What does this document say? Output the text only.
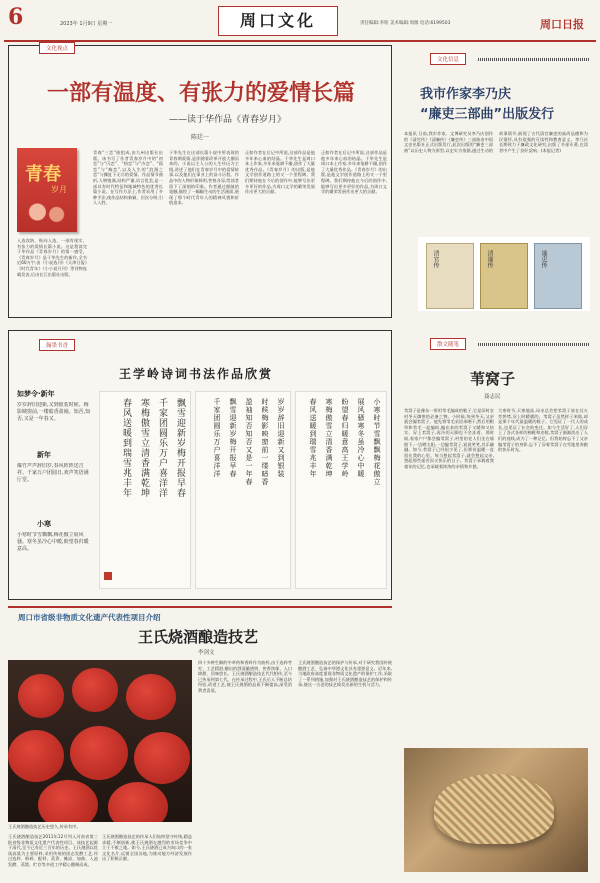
6	2023年 1月9日 星期一	周口文化	责任编辑:李铭 美术编辑:周源 电话:6199503	周口日报
文化视点
一部有温度、有张力的爱情长篇
——读于华作品《青春岁月》
陈廷一
青春
岁月
入选攻防、纵向入选、一部有现实、有张力的爱情长篇小说。这是我读完于华作品《青春岁月》的第一感受。《青春岁月》是于华先生的新作,全书近60万字,由《小说选刊》《天津日报》《时代青年》《小小说月刊》等刊物连载发表,后由长江出版社出版。
青春“三恋”曲组成,由九州出版社出版。该书写了作者青春岁月中的“初恋”与“闪恋”、“热恋”与“冷恋”、“孤恋”与“痴恋”,以及人生的“浪漫之恋”与撕扯下无尽的爱情。作品情节曲折,人物饱满,结构严谨,语言优美,是一部具有时代特征和地域特色的优秀长篇小说。在写作方法上,作者采用了多种手法,使作品结构新颖、层次分明,引人入胜。
于华先生在这部长篇小说中所表现的青春期爱情,是伴随着改革开放大潮而来的。小说以主人公的人生经历为主线,讲述了他们在青春岁月中的爱情故事,以及他们在事业上的奋斗历程。作品中的人物形象鲜明,性格各异,给读者留下了深刻的印象。作者通过细腻的笔触,描绘了一幅幅生动的生活画面,展现了那个时代青年人的精神风貌和价值追求。
正如作者在后记中所说,这部作品是他多年来心血的结晶。于华先生是周口本土作家,多年来笔耕不辍,创作了大量优秀作品。《青春岁月》的出版,是他文学创作道路上的又一个里程碑。我们期待他在今后的创作中,能够写出更多更好的作品,为周口文学的繁荣发展作出更大的贡献。
正如作者在后记中所说,这部作品是他多年来心血的结晶。于华先生是周口本土作家,多年来笔耕不辍,创作了大量优秀作品。《青春岁月》的出版,是他文学创作道路上的又一个里程碑。我们期待他在今后的创作中,能够写出更多更好的作品,为周口文学的繁荣发展作出更大的贡献。
文化信息
我市作家李乃庆
“廉吏三部曲”出版发行
本报讯 日前,我市作家、文博研究员李乃庆创作的《清官传》《清廉传》《廉吏传》三部曲由中国文史出版社正式出版发行,此次出版的“廉吏三部曲”以历史人物为原型,以史实为依据,通过生动的故事情节,展现了古代清官廉吏的高尚品德和为民情怀,具有很强的可读性和教育意义。李乃庆长期致力于廉政文化研究,出版了多部专著,在读者中产生了良好反响。(本报记者)
清官传	清廉传	廉吏传
翰墨书香
王学岭诗词书法作品欣赏
如梦令·新年
岁岁辞旧迎新,又到银装时候。梅影映窗前,一缕暗香盈袖。知否,知否,又是一年春又。
新年
爆竹声声辞旧岁,春风阵阵送吉祥。千家万户团圆日,欢声笑语满厅堂。
小寒
小寒时节雪飘飘,梅花傲立展风骚。寒冬虽冷心中暖,盼望春归暖意高。
飘雪迎新岁梅开报早春
千家团圆乐万户喜洋洋
寒梅傲雪立清香满乾坤
春风送暖到瑞雪兆丰年	岁岁辞旧迎新又到银装
时候梅影映窗前一缕暗香
盈袖知否知否又是一年春
飘雪迎新岁梅开报早春
千家团圆乐万户喜洋洋	小寒时节雪飘飘梅花傲立
展风骚寒冬虽冷心中暖
盼望春归暖意高王学岭
寒梅傲雪立清香满乾坤
春风送暖到瑞雪兆丰年
散文随笔
苇窝子
聂志民
苇窝子是豫东一带用苇毛编成的鞋子,它是旧时农村冬天御寒的必备之物。小时候,每到冬天,父亲就会编苇窝子。他先将苇毛采回来晒干,然后用稻草和苇毛一起编织,编出来的苇窝子又暖和又结实。穿上苇窝子,再冷的天脚也不会冻着。那时候,家家户户都会编苇窝子,村里的老人们坐在墙根下,一边晒太阳,一边编苇窝子,说说笑笑,其乐融融。如今,苇窝子已经很少见了,但那份温暖一直留在我的心里。每当想起苇窝子,就会想起父亲,想起那些艰苦而又快乐的日子。苇窝子承载着我童年的记忆,也承载着浓浓的亲情和乡愁。
大寒时节,天寒地冻,母亲总会把苇窝子放在灶火旁烘烤,穿上时暖暖的。苇窝子虽然样子笨拙,却是那个年代最温暖的鞋子。它见证了一代人的成长,也见证了社会的变迁。如今生活好了,人们穿上了各式各样的棉鞋和皮鞋,苇窝子渐渐淡出了人们的视线,成为了一种记忆。但我始终忘不了父亲编苇窝子的身影,忘不了穿着苇窝子在雪地里奔跑的快乐时光。
周口市省级非物质文化遗产代表性项目介绍
王氏烧酒酿造技艺
李剑文
王氏烧酒酿造技艺历史悠久,传承有序。
王氏烧酒酿造技艺2011年12月列入河南省第三批省级非物质文化遗产代表性项目。该技艺起源于清代,至今已有近三百年的历史。王氏烧酒以优质高粱为主要原料,采用传统的固态发酵工艺,经过选料、粉碎、配料、蒸煮、摊凉、加曲、入池发酵、蒸馏、贮存等多道工序精心酿制而成。
王氏烧酒酿造技艺的传承人们始终坚守传统,精益求精,不断创新,使王氏烧酒在激烈的市场竞争中立于不败之地。如今,王氏烧酒已成为周口的一张文化名片,远销全国各地,为推动地方经济发展作出了积极贡献。
四十多种生僻的中草药和香料作为曲药,由于选料考究、工艺精湛,酿出的酒清澈透明、窖香浓郁、入口绵甜、回味悠长。王氏烧酒酿造技艺代代相传,至今已传承到第七代。在传承过程中,王氏后人不断总结经验,改进工艺,使王氏烧酒的品质不断提高,深受消费者喜爱。
王氏烧酒酿造技艺的保护与传承,对于研究我国传统酿酒工艺、弘扬中华酒文化具有重要意义。近年来,当地政府高度重视非物质文化遗产的保护工作,采取了一系列措施,加强对王氏烧酒酿造技艺的保护和传承,使这一古老的技艺焕发出新的生机与活力。
